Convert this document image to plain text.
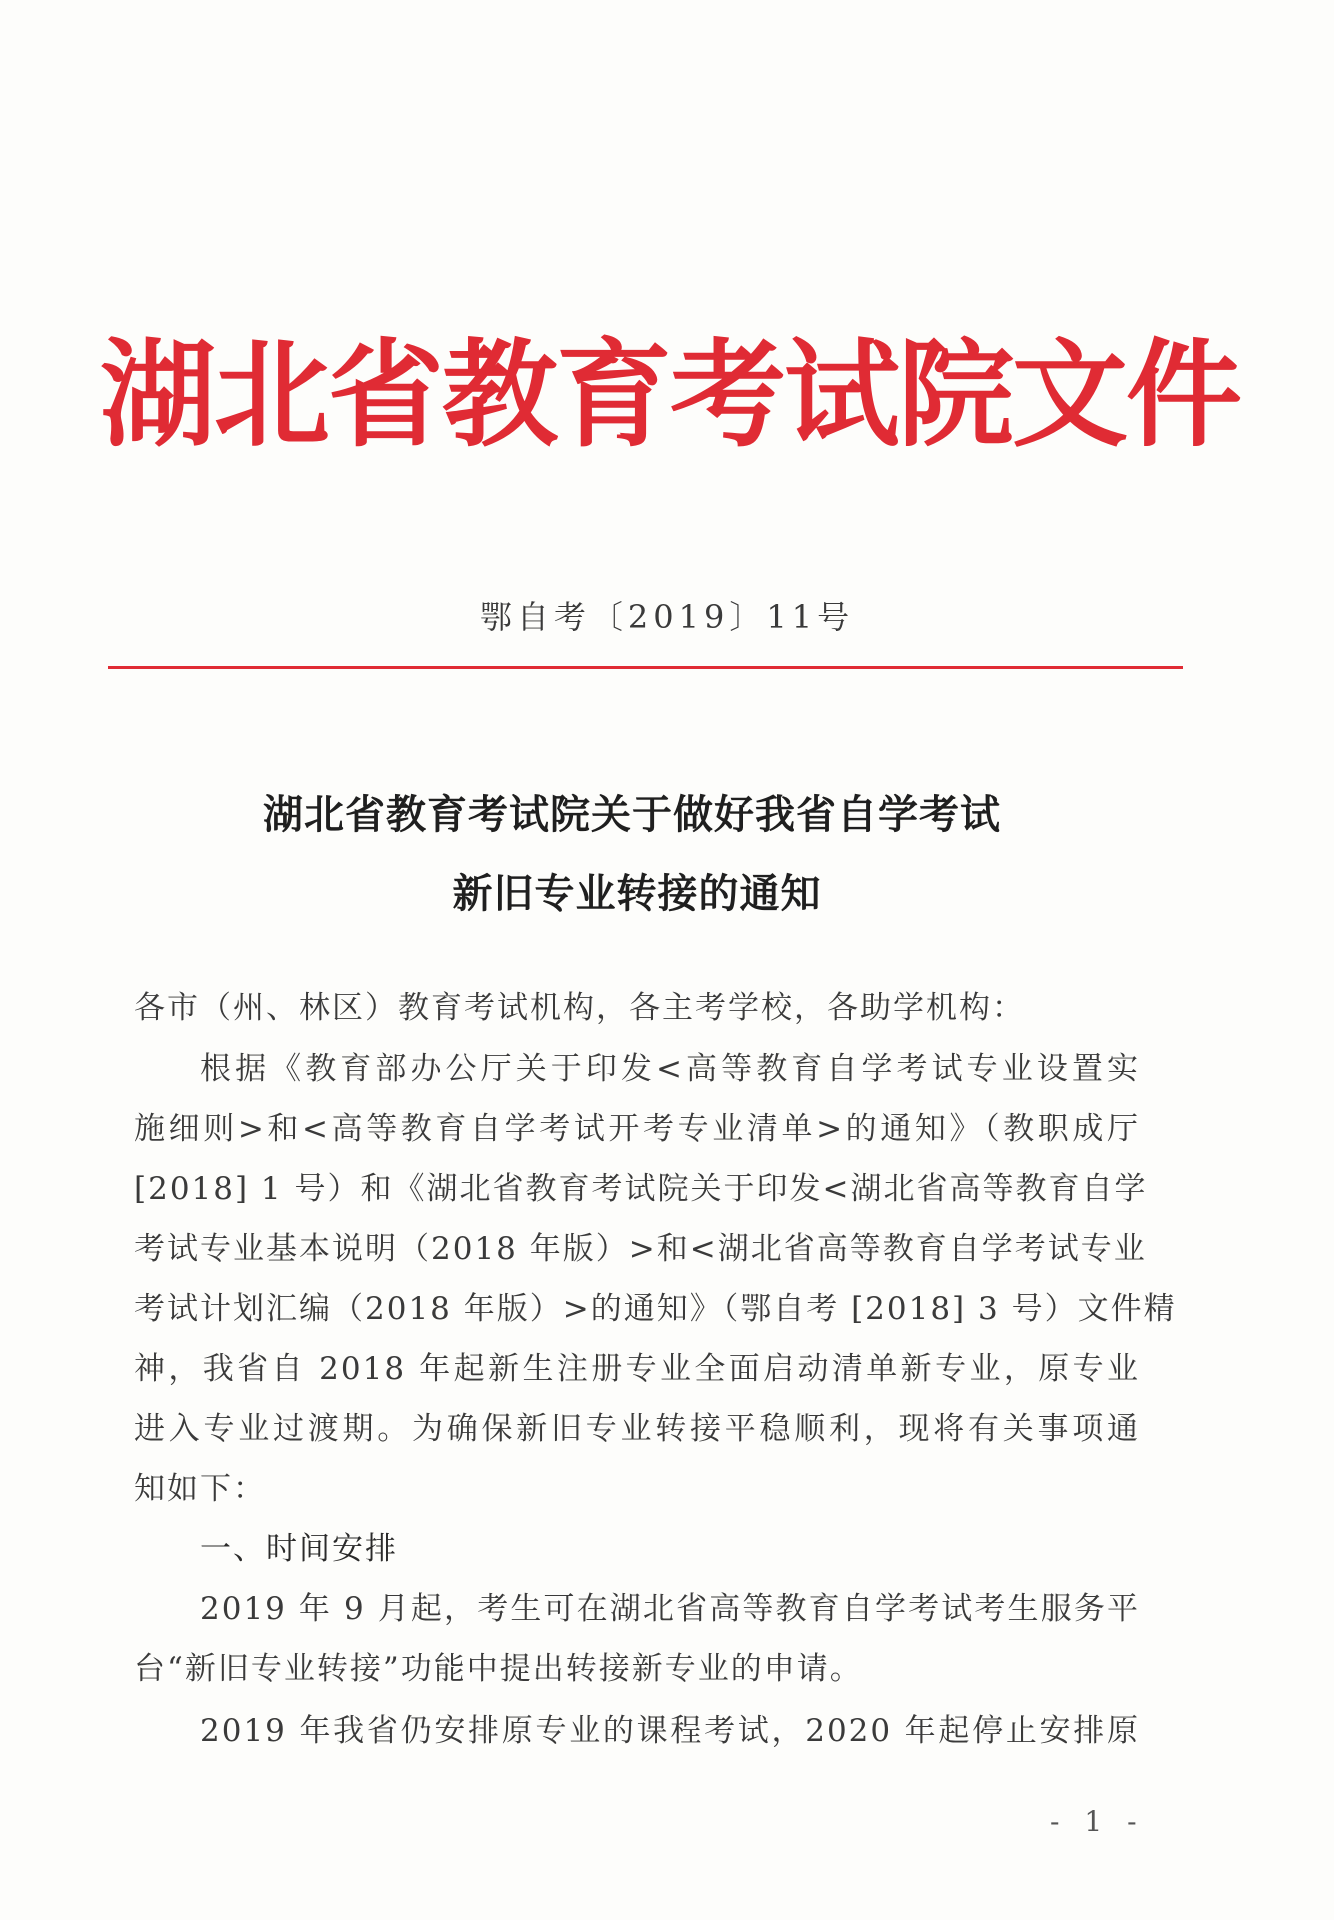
湖北省教育考试院文件
鄂自考〔2019〕11号
湖北省教育考试院关于做好我省自学考试
新旧专业转接的通知
各市（州、林区）教育考试机构，各主考学校，各助学机构：
根据《教育部办公厅关于印发<高等教育自学考试专业设置实
施细则>和<高等教育自学考试开考专业清单>的通知》（教职成厅
[2018] 1 号）和《湖北省教育考试院关于印发<湖北省高等教育自学
考试专业基本说明（2018 年版）>和<湖北省高等教育自学考试专业
考试计划汇编（2018 年版）>的通知》（鄂自考 [2018] 3 号）文件精
神，我省自 2018 年起新生注册专业全面启动清单新专业，原专业
进入专业过渡期。为确保新旧专业转接平稳顺利，现将有关事项通
知如下：
一、时间安排
2019 年 9 月起，考生可在湖北省高等教育自学考试考生服务平
台“新旧专业转接”功能中提出转接新专业的申请。
2019 年我省仍安排原专业的课程考试，2020 年起停止安排原
- 1 -
